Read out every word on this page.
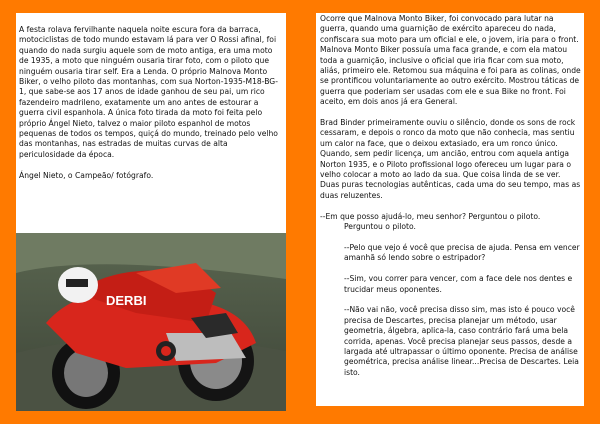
A festa rolava fervilhante naquela noite escura fora da barraca, motociclistas de todo mundo estavam lá para ver O Rossi afinal, foi quando do nada surgiu aquele som de moto antiga, era uma moto de 1935, a moto que ninguém ousaria tirar foto, com o piloto que ninguém ousaria tirar self. Era a Lenda. O próprio Malnova Monto Biker, o velho piloto das montanhas, com sua Norton-1935-M18-BG-1, que sabe-se aos 17 anos de idade ganhou de seu pai, um rico fazendeiro madrileno, exatamente um ano antes de estourar a guerra civil espanhola. A única foto tirada da moto foi feita pelo próprio Ángel Nieto, talvez o maior piloto espanhol de motos pequenas de todos os tempos, quiçá do mundo, treinado pelo velho das montanhas, nas estradas de muitas curvas de alta periculosidade da época.

Ángel Nieto, o Campeão/ fotógrafo.

DERBI

Ocorre que Malnova Monto Biker, foi convocado para lutar na guerra, quando uma guarnição de exército apareceu do nada, confiscara sua moto para um oficial e ele, o jovem, iria para o front. Malnova Monto Biker possuía uma faca grande, e com ela matou toda a guarnição, inclusive o oficial que iria ficar com sua moto, aliás, primeiro ele. Retomou sua máquina e foi para as colinas, onde se prontificou voluntariamente ao outro exército. Mostrou táticas de guerra que poderiam ser usadas com ele e sua Bike no front. Foi aceito, em dois anos já era General.

Brad Binder primeiramente ouviu o silêncio, donde os sons de rock cessaram, e depois o ronco da moto que não conhecia, mas sentiu um calor na face, que o deixou extasiado, era um ronco único. Quando, sem pedir licença, um ancião, entrou com aquela antiga Norton 1935, e o Piloto profissional logo ofereceu um lugar para o velho colocar a moto ao lado da sua. Que coisa linda de se ver. Duas puras tecnologias autênticas, cada uma do seu tempo, mas as duas reluzentes.

--Em que posso ajudá-lo, meu senhor? Perguntou o piloto.

Perguntou o piloto.

--Pelo que vejo é você que precisa de ajuda. Pensa em vencer amanhã só lendo sobre o estripador?

--Sim, vou correr para vencer, com a face dele nos dentes e trucidar meus oponentes.

--Não vai não, você precisa disso sim, mas isto é pouco você precisa de Descartes, precisa planejar um método, usar geometria, álgebra, aplica-la, caso contrário fará uma bela corrida, apenas. Você precisa planejar seus passos, desde a largada até ultrapassar o último oponente. Precisa de análise geométrica, precisa análise linear...Precisa de Descartes. Leia isto.
